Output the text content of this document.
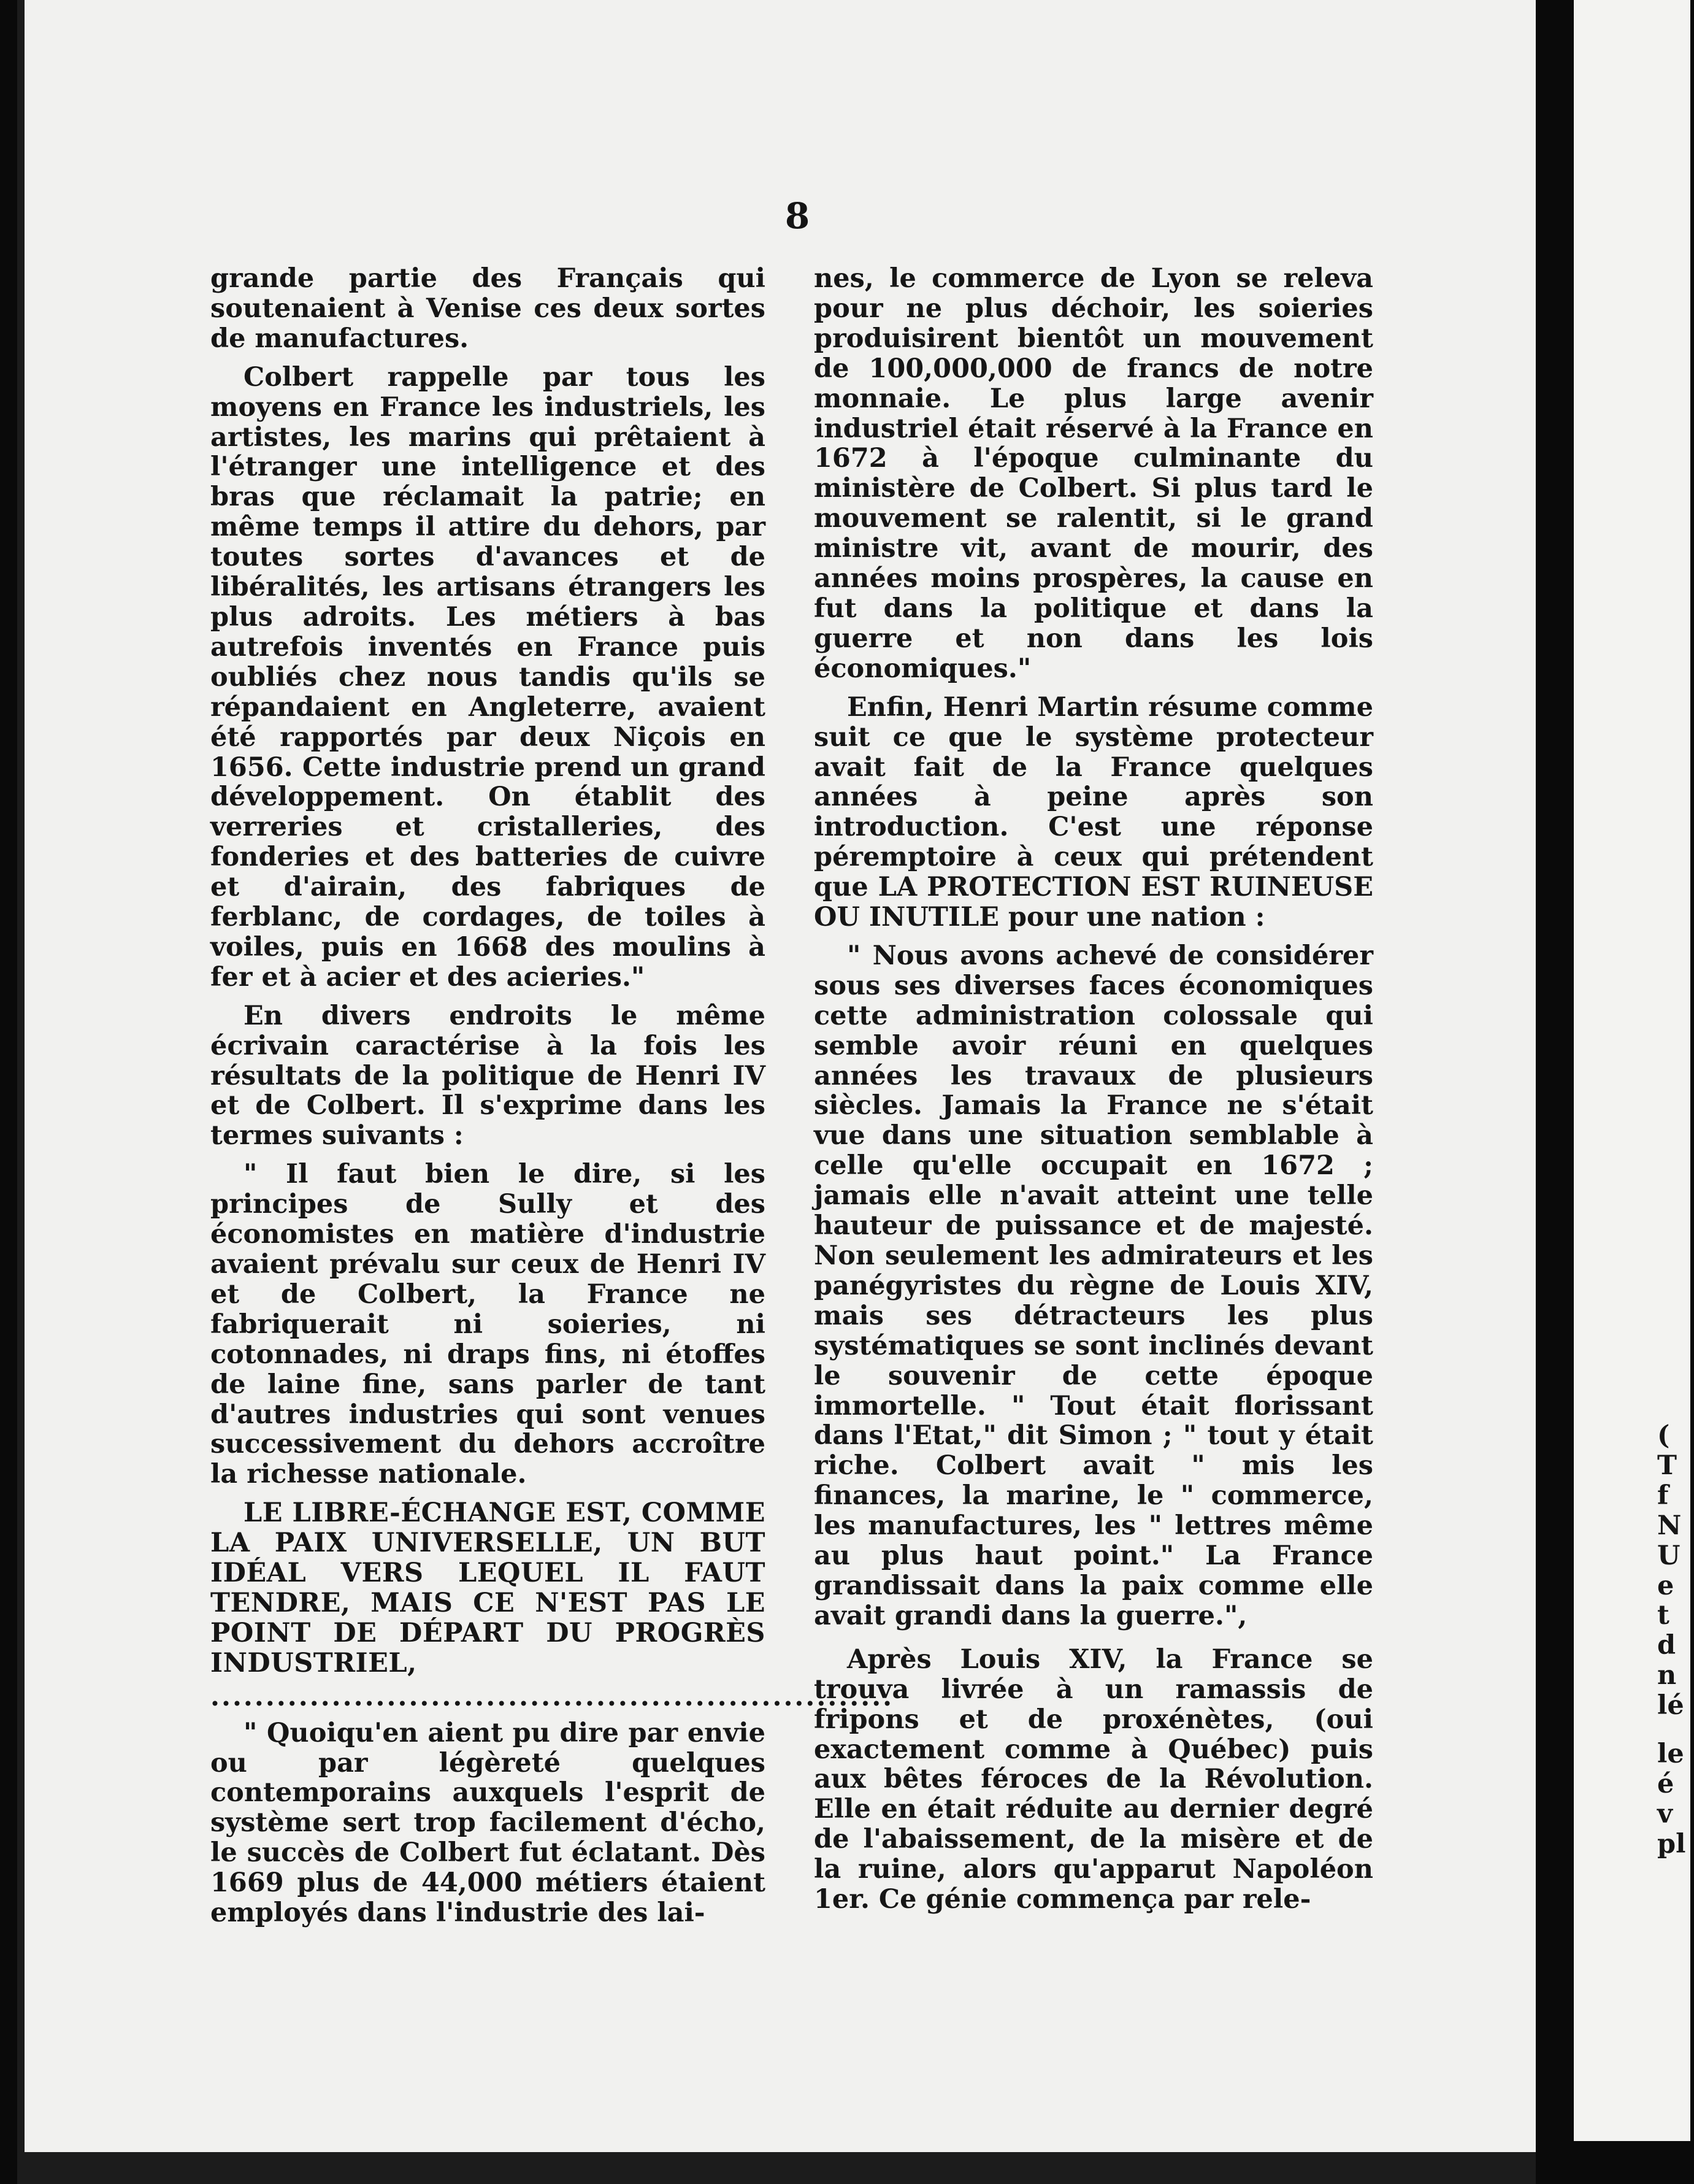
8

grande partie des Français qui soutenaient à Venise ces deux sortes de manufactures.

Colbert rappelle par tous les moyens en France les industriels, les artistes, les marins qui prêtaient à l'étranger une intelligence et des bras que réclamait la patrie; en même temps il attire du dehors, par toutes sortes d'avances et de libéralités, les artisans étrangers les plus adroits. Les métiers à bas autrefois inventés en France puis oubliés chez nous tandis qu'ils se répandaient en Angleterre, avaient été rapportés par deux Niçois en 1656. Cette industrie prend un grand développement. On établit des verreries et cristalleries, des fonderies et des batteries de cuivre et d'airain, des fabriques de ferblanc, de cordages, de toiles à voiles, puis en 1668 des moulins à fer et à acier et des acieries."

En divers endroits le même écrivain caractérise à la fois les résultats de la politique de Henri IV et de Colbert. Il s'exprime dans les termes suivants :

" Il faut bien le dire, si les principes de Sully et des économistes en matière d'industrie avaient prévalu sur ceux de Henri IV et de Colbert, la France ne fabriquerait ni soieries, ni cotonnades, ni draps fins, ni étoffes de laine fine, sans parler de tant d'autres industries qui sont venues successivement du dehors accroître la richesse nationale.

LE LIBRE-ÉCHANGE EST, COMME LA PAIX UNIVERSELLE, UN BUT IDÉAL VERS LEQUEL IL FAUT TENDRE, MAIS CE N'EST PAS LE POINT DE DÉPART DU PROGRÈS INDUSTRIEL,

..............................................................

" Quoiqu'en aient pu dire par envie ou par légèreté quelques contemporains auxquels l'esprit de système sert trop facilement d'écho, le succès de Colbert fut éclatant. Dès 1669 plus de 44,000 métiers étaient employés dans l'industrie des lai-

nes, le commerce de Lyon se releva pour ne plus déchoir, les soieries produisirent bientôt un mouvement de 100,000,000 de francs de notre monnaie. Le plus large avenir industriel était réservé à la France en 1672 à l'époque culminante du ministère de Colbert. Si plus tard le mouvement se ralentit, si le grand ministre vit, avant de mourir, des années moins prospères, la cause en fut dans la politique et dans la guerre et non dans les lois économiques."

Enfin, Henri Martin résume comme suit ce que le système protecteur avait fait de la France quelques années à peine après son introduction. C'est une réponse péremptoire à ceux qui prétendent que LA PROTECTION EST RUINEUSE OU INUTILE pour une nation :

" Nous avons achevé de considérer sous ses diverses faces économiques cette administration colossale qui semble avoir réuni en quelques années les travaux de plusieurs siècles. Jamais la France ne s'était vue dans une situation semblable à celle qu'elle occupait en 1672 ; jamais elle n'avait atteint une telle hauteur de puissance et de majesté. Non seulement les admirateurs et les panégyristes du règne de Louis XIV, mais ses détracteurs les plus systématiques se sont inclinés devant le souvenir de cette époque immortelle. " Tout était florissant dans l'Etat," dit Simon ; " tout y était riche. Colbert avait " mis les finances, la marine, le " commerce, les manufactures, les " lettres même au plus haut point." La France grandissait dans la paix comme elle avait grandi dans la guerre.",

Après Louis XIV, la France se trouva livrée à un ramassis de fripons et de proxénètes, (oui exactement comme à Québec) puis aux bêtes féroces de la Révolution. Elle en était réduite au dernier degré de l'abaissement, de la misère et de la ruine, alors qu'apparut Napoléon 1er. Ce génie commença par rele-

(
T
f
N
U
e
t
d
n
lé
le
é
v
pl
